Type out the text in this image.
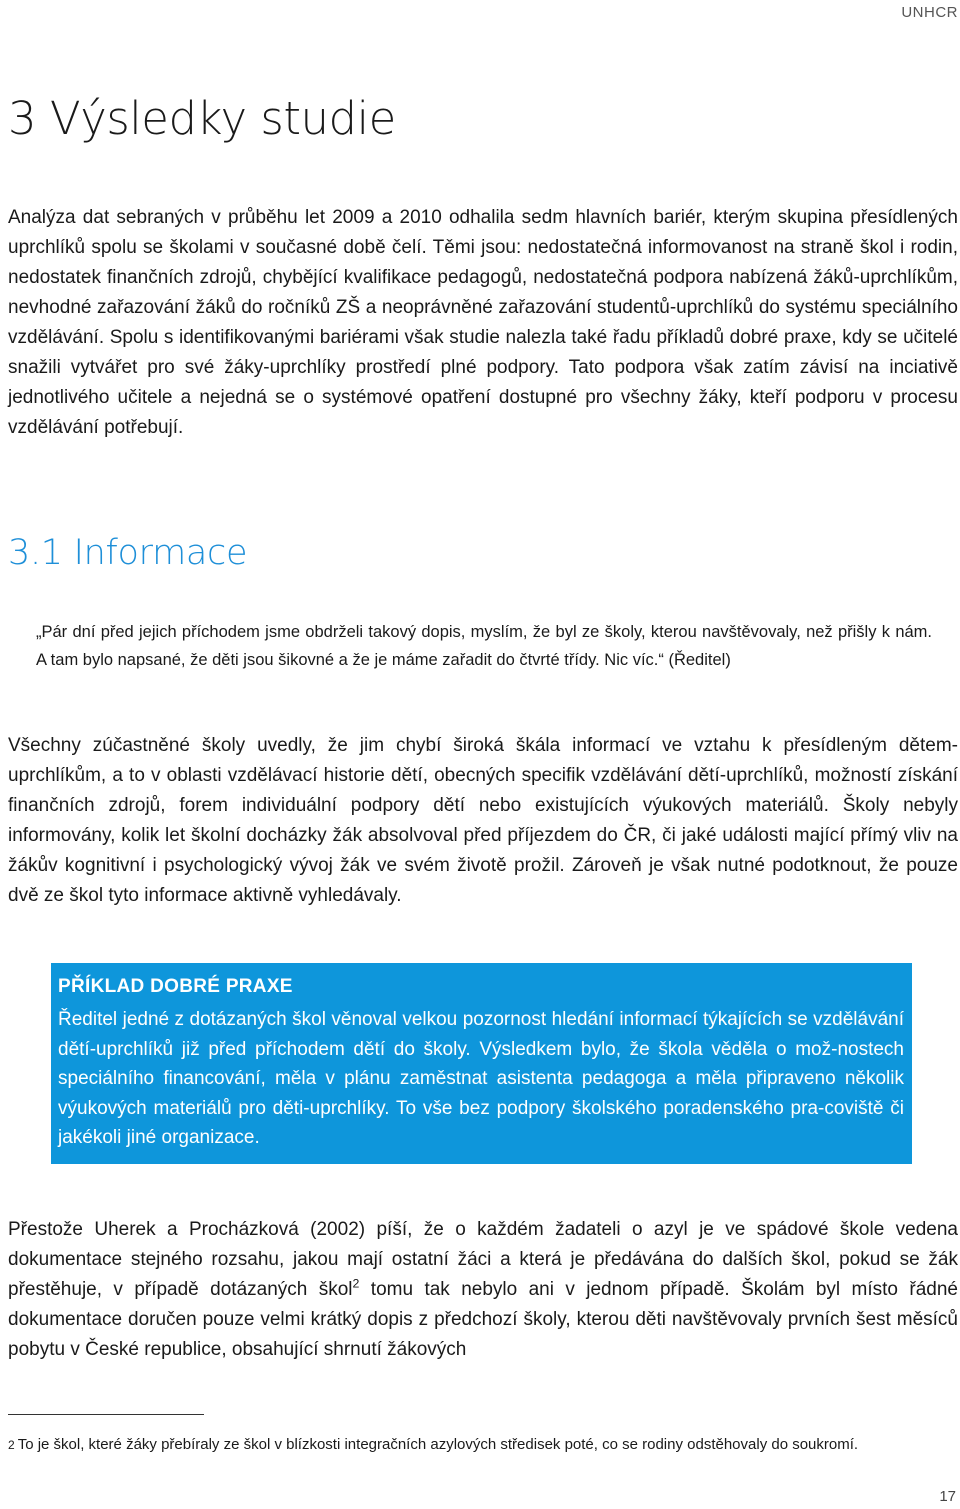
UNHCR
3 Výsledky studie

Analýza dat sebraných v průběhu let 2009 a 2010 odhalila sedm hlavních bariér, kterým skupina přesídlených uprchlíků spolu se školami v současné době čelí. Těmi jsou: nedostatečná informovanost na straně škol i rodin, nedostatek finančních zdrojů, chybějící kvalifikace pedagogů, nedostatečná podpora nabízená žáků-uprchlíkům, nevhodné zařazování žáků do ročníků ZŠ a neoprávněné zařazování studentů-uprchlíků do systému speciálního vzdělávání. Spolu s identifikovanými bariérami však studie nalezla také řadu příkladů dobré praxe, kdy se učitelé snažili vytvářet pro své žáky-uprchlíky prostředí plné podpory. Tato podpora však zatím závisí na inciativě jednotlivého učitele a nejedná se o systémové opatření dostupné pro všechny žáky, kteří podporu v procesu vzdělávání potřebují.

3.1 Informace
„Pár dní před jejich příchodem jsme obdrželi takový dopis, myslím, že byl ze školy, kterou navštěvovaly, než přišly k nám. A tam bylo napsané, že děti jsou šikovné a že je máme zařadit do čtvrté třídy. Nic víc.“ (Ředitel)

Všechny zúčastněné školy uvedly, že jim chybí široká škála informací ve vztahu k přesídleným dětem-uprchlíkům, a to v oblasti vzdělávací historie dětí, obecných specifik vzdělávání dětí-uprchlíků, možností získání finančních zdrojů, forem individuální podpory dětí nebo existujících výukových materiálů. Školy nebyly informovány, kolik let školní docházky žák absolvoval před příjezdem do ČR, či jaké události mající přímý vliv na žákův kognitivní i psychologický vývoj žák ve svém životě prožil. Zároveň je však nutné podotknout, že pouze dvě ze škol tyto informace aktivně vyhledávaly.

PŘÍKLAD DOBRÉ PRAXE

Ředitel jedné z dotázaných škol věnoval velkou pozornost hledání informací týkajících se vzdělávání dětí-uprchlíků již před příchodem dětí do školy. Výsledkem bylo, že škola věděla o mož-nostech speciálního financování, měla v plánu zaměstnat asistenta pedagoga a měla připraveno několik výukových materiálů pro děti-uprchlíky. To vše bez podpory školského poradenského pra-coviště či jakékoli jiné organizace.

Přestože Uherek a Procházková (2002) píší, že o každém žadateli o azyl je ve spádové škole vedena dokumentace stejného rozsahu, jakou mají ostatní žáci a která je předávána do dalších škol, pokud se žák přestěhuje, v případě dotázaných škol$^2$ tomu tak nebylo ani v jednom případě. Školám byl místo řádné dokumentace doručen pouze velmi krátký dopis z předchozí školy, kterou děti navštěvovaly prvních šest měsíců pobytu v České republice, obsahující shrnutí žákových

2 To je škol, které žáky přebíraly ze škol v blízkosti integračních azylových středisek poté, co se rodiny odstěhovaly do soukromí.

17
